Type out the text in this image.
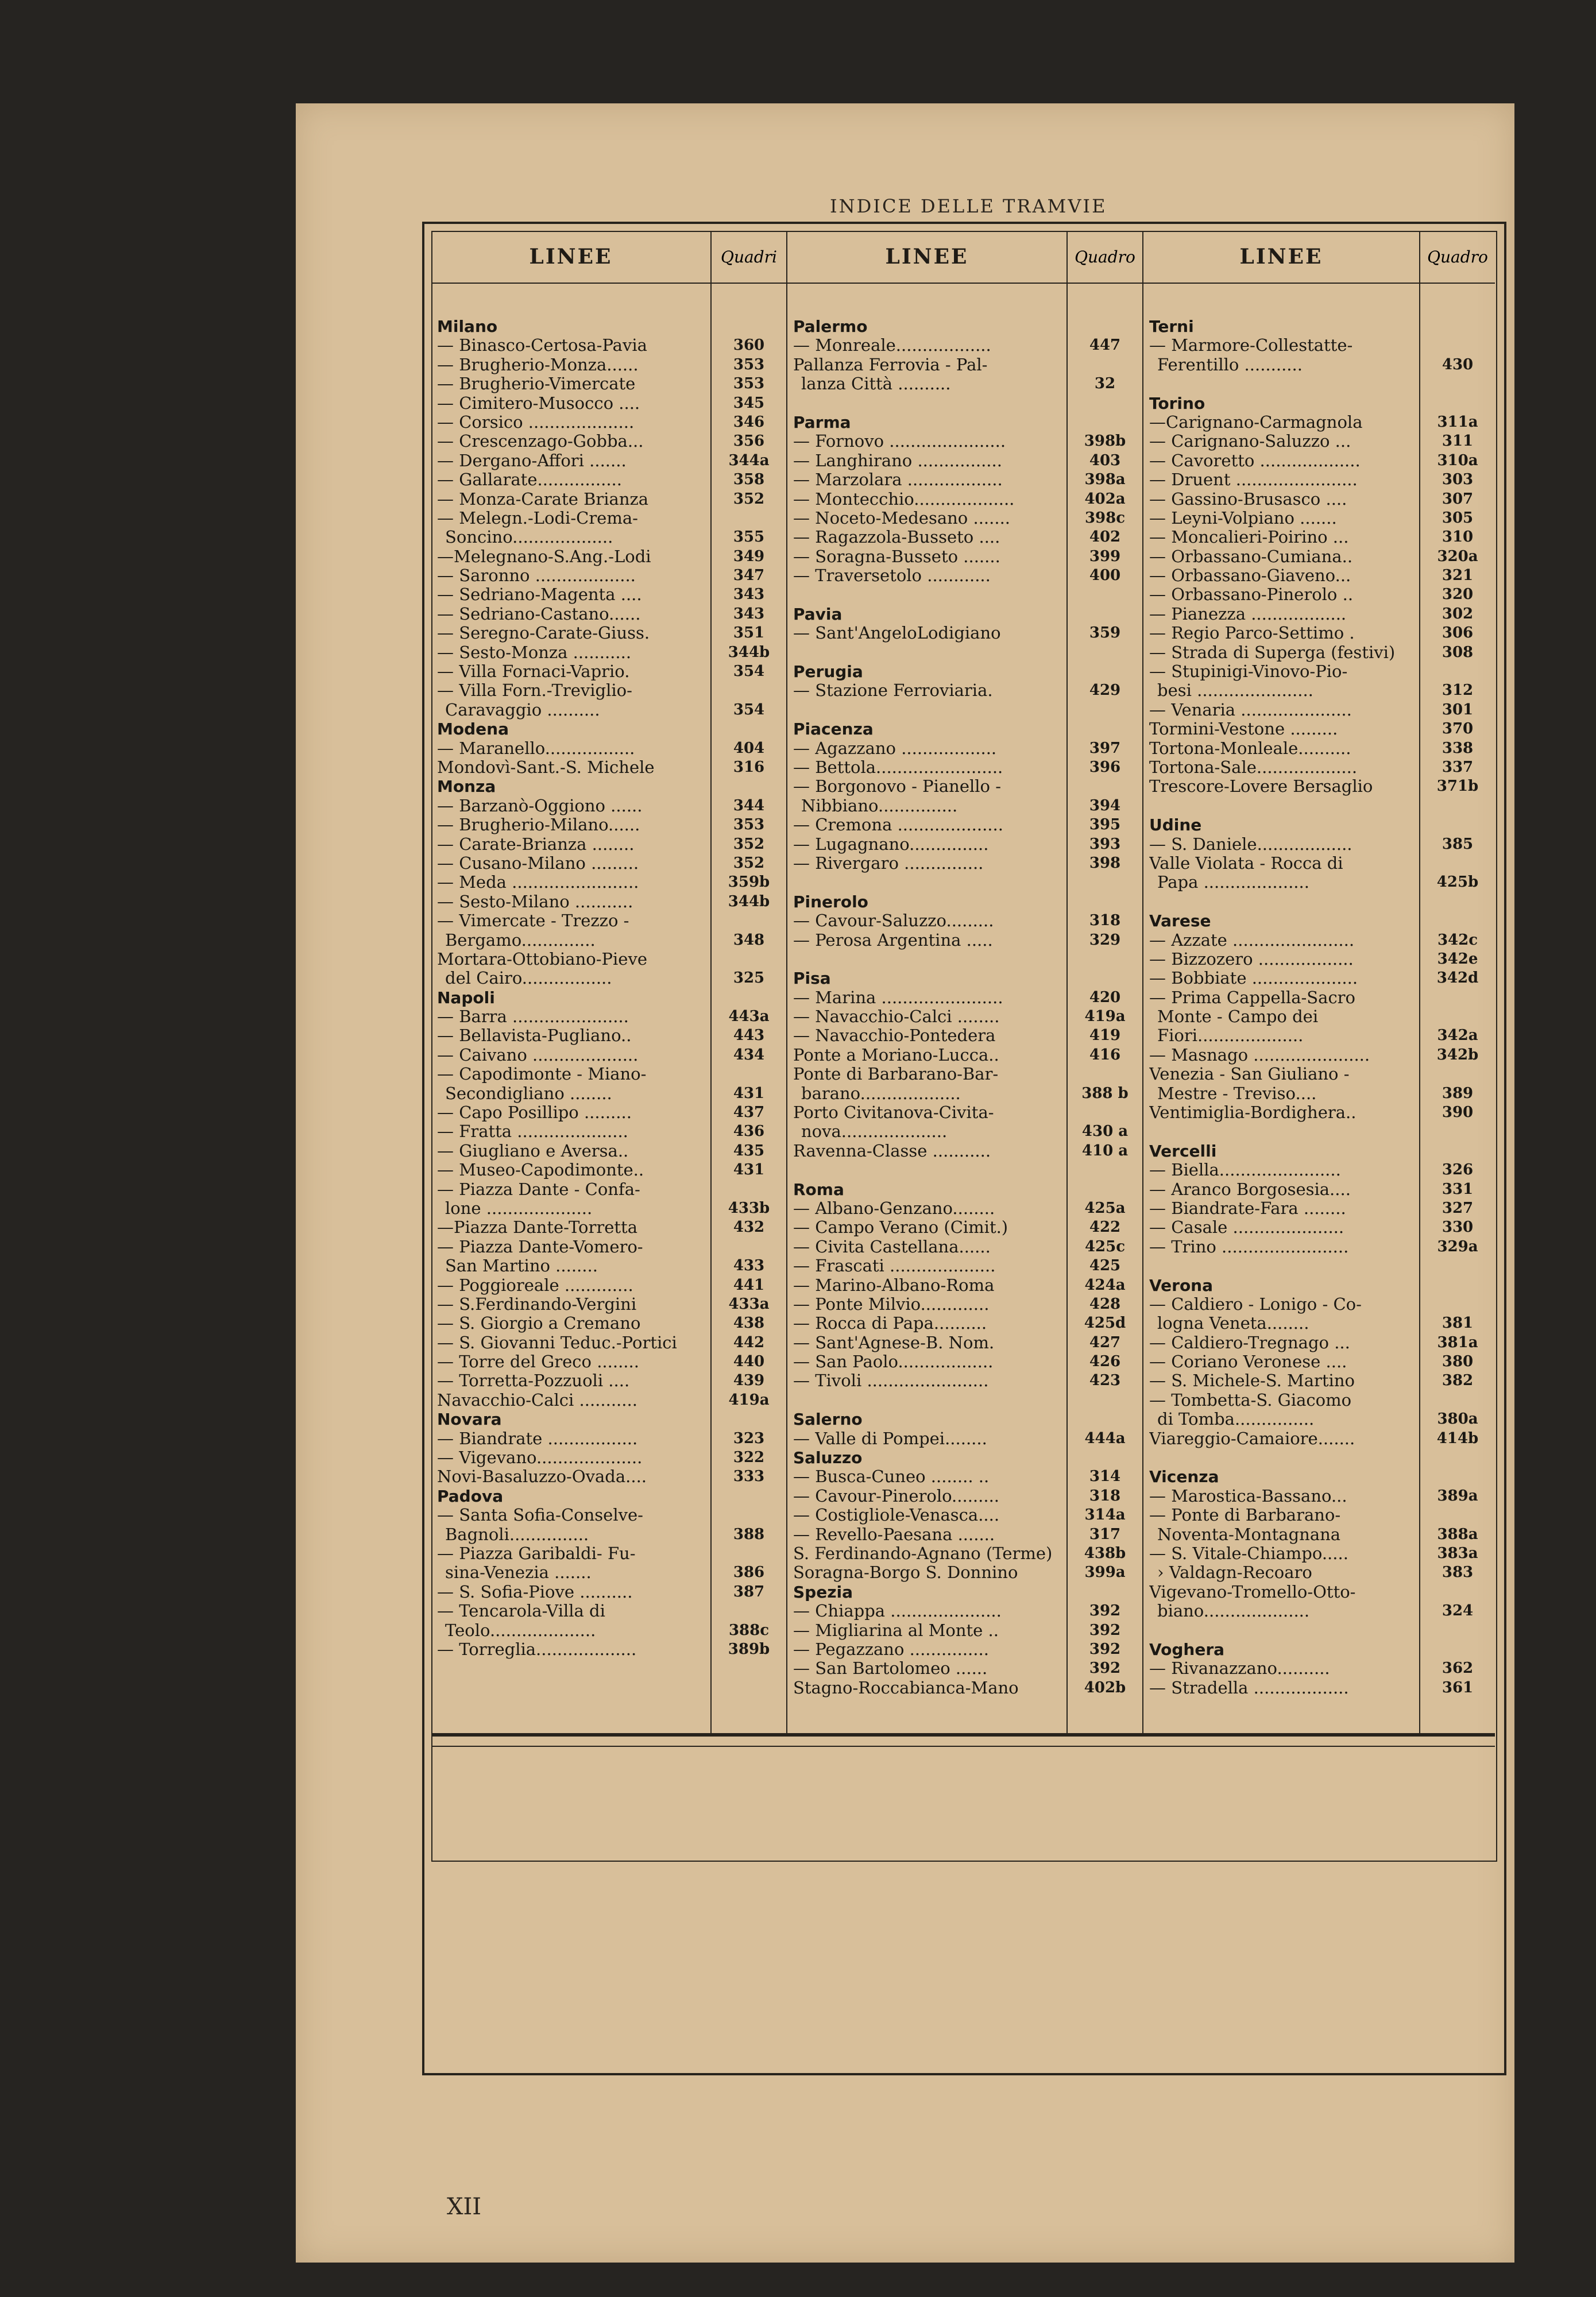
INDICE DELLE TRAMVIE
LINEE	Quadri
Milano
— Binasco-Certosa-Pavia	360
— Brugherio-Monza......	353
— Brugherio-Vimercate	353
— Cimitero-Musocco ....	345
— Corsico ....................	346
— Crescenzago-Gobba...	356
— Dergano-Affori .......	344a
— Gallarate................	358
— Monza-Carate Brianza	352
— Melegn.-Lodi-Crema-
Soncino...................	355
—Melegnano-S.Ang.-Lodi	349
— Saronno ...................	347
— Sedriano-Magenta ....	343
— Sedriano-Castano......	343
— Seregno-Carate-Giuss.	351
— Sesto-Monza ...........	344b
— Villa Fornaci-Vaprio.	354
— Villa Forn.-Treviglio-
Caravaggio ..........	354
Modena
— Maranello.................	404
Mondovì-Sant.-S. Michele	316
Monza
— Barzanò-Oggiono ......	344
— Brugherio-Milano......	353
— Carate-Brianza ........	352
— Cusano-Milano .........	352
— Meda ........................	359b
— Sesto-Milano ...........	344b
— Vimercate - Trezzo -
Bergamo..............	348
Mortara-Ottobiano-Pieve
del Cairo.................	325
Napoli
— Barra ......................	443a
— Bellavista-Pugliano..	443
— Caivano ....................	434
— Capodimonte - Miano-
Secondigliano ........	431
— Capo Posillipo .........	437
— Fratta .....................	436
— Giugliano e Aversa..	435
— Museo-Capodimonte..	431
— Piazza Dante - Confa-
lone ....................	433b
—Piazza Dante-Torretta	432
— Piazza Dante-Vomero-
San Martino ........	433
— Poggioreale .............	441
— S.Ferdinando-Vergini	433a
— S. Giorgio a Cremano	438
— S. Giovanni Teduc.-Portici	442
— Torre del Greco ........	440
— Torretta-Pozzuoli ....	439
Navacchio-Calci ...........	419a
Novara
— Biandrate .................	323
— Vigevano....................	322
Novi-Basaluzzo-Ovada....	333
Padova
— Santa Sofia-Conselve-
Bagnoli...............	388
— Piazza Garibaldi- Fu-
sina-Venezia .......	386
— S. Sofia-Piove ..........	387
— Tencarola-Villa di
Teolo....................	388c
— Torreglia...................	389b
LINEE	Quadro
Palermo
— Monreale..................	447
Pallanza Ferrovia - Pal-
lanza Città ..........	32
Parma
— Fornovo ......................	398b
— Langhirano ................	403
— Marzolara ..................	398a
— Montecchio...................	402a
— Noceto-Medesano .......	398c
— Ragazzola-Busseto ....	402
— Soragna-Busseto .......	399
— Traversetolo ............	400
Pavia
— Sant'AngeloLodigiano	359
Perugia
— Stazione Ferroviaria.	429
Piacenza
— Agazzano ..................	397
— Bettola........................	396
— Borgonovo - Pianello -
Nibbiano...............	394
— Cremona ....................	395
— Lugagnano...............	393
— Rivergaro ...............	398
Pinerolo
— Cavour-Saluzzo.........	318
— Perosa Argentina .....	329
Pisa
— Marina .......................	420
— Navacchio-Calci ........	419a
— Navacchio-Pontedera	419
Ponte a Moriano-Lucca..	416
Ponte di Barbarano-Bar-
barano...................	388 b
Porto Civitanova-Civita-
nova....................	430 a
Ravenna-Classe ...........	410 a
Roma
— Albano-Genzano........	425a
— Campo Verano (Cimit.)	422
— Civita Castellana......	425c
— Frascati ....................	425
— Marino-Albano-Roma	424a
— Ponte Milvio.............	428
— Rocca di Papa..........	425d
— Sant'Agnese-B. Nom.	427
— San Paolo..................	426
— Tivoli .......................	423
Salerno
— Valle di Pompei........	444a
Saluzzo
— Busca-Cuneo ........ ..	314
— Cavour-Pinerolo.........	318
— Costigliole-Venasca....	314a
— Revello-Paesana .......	317
S. Ferdinando-Agnano (Terme)	438b
Soragna-Borgo S. Donnino	399a
Spezia
— Chiappa .....................	392
— Migliarina al Monte ..	392
— Pegazzano ...............	392
— San Bartolomeo ......	392
Stagno-Roccabianca-Mano	402b
LINEE	Quadro
Terni
— Marmore-Collestatte-
Ferentillo ...........	430
Torino
—Carignano-Carmagnola	311a
— Carignano-Saluzzo ...	311
— Cavoretto ...................	310a
— Druent .......................	303
— Gassino-Brusasco ....	307
— Leyni-Volpiano .......	305
— Moncalieri-Poirino ...	310
— Orbassano-Cumiana..	320a
— Orbassano-Giaveno...	321
— Orbassano-Pinerolo ..	320
— Pianezza ..................	302
— Regio Parco-Settimo .	306
— Strada di Superga (festivi)	308
— Stupinigi-Vinovo-Pio-
besi ......................	312
— Venaria .....................	301
Tormini-Vestone .........	370
Tortona-Monleale..........	338
Tortona-Sale...................	337
Trescore-Lovere Bersaglio	371b
Udine
— S. Daniele..................	385
Valle Violata - Rocca di
Papa ....................	425b
Varese
— Azzate .......................	342c
— Bizzozero ..................	342e
— Bobbiate ....................	342d
— Prima Cappella-Sacro
Monte - Campo dei
Fiori....................	342a
— Masnago ......................	342b
Venezia - San Giuliano -
Mestre - Treviso....	389
Ventimiglia-Bordighera..	390
Vercelli
— Biella.......................	326
— Aranco Borgosesia....	331
— Biandrate-Fara ........	327
— Casale .....................	330
— Trino ........................	329a
Verona
— Caldiero - Lonigo - Co-
logna Veneta........	381
— Caldiero-Tregnago ...	381a
— Coriano Veronese ....	380
— S. Michele-S. Martino	382
— Tombetta-S. Giacomo
di Tomba...............	380a
Viareggio-Camaiore.......	414b
Vicenza
— Marostica-Bassano...	389a
— Ponte di Barbarano-
Noventa-Montagnana	388a
— S. Vitale-Chiampo.....	383a
› Valdagn-Recoaro	383
Vigevano-Tromello-Otto-
biano....................	324
Voghera
— Rivanazzano..........	362
— Stradella ..................	361
XII
